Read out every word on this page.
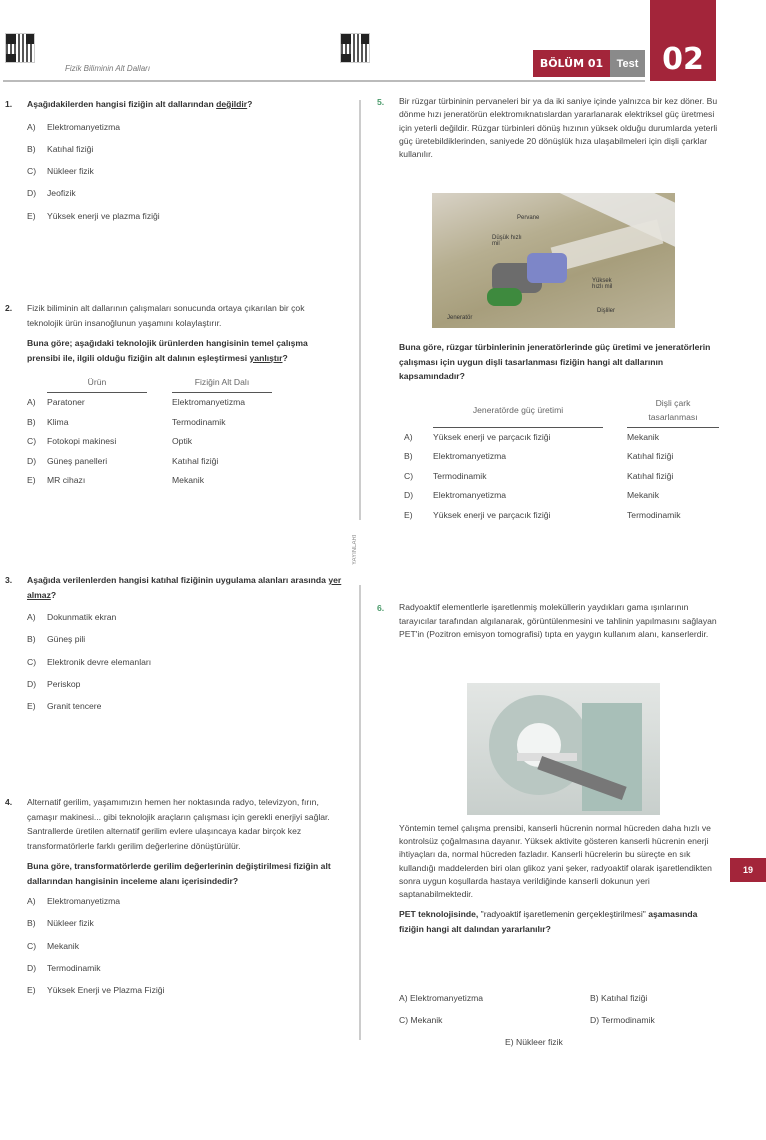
Fizik Biliminin Alt Dalları	BÖLÜM 01	Test 02
YAYINLARI
1. Aşağıdakilerden hangisi fiziğin alt dallarından değildir?
A) Elektromanyetizma
B) Katıhal fiziği
C) Nükleer fizik
D) Jeofizik
E) Yüksek enerji ve plazma fiziği
2. Fizik biliminin alt dallarının çalışmaları sonucunda ortaya çıkarılan bir çok teknolojik ürün insanoğlunun yaşamını kolaylaştırır.
Buna göre; aşağıdaki teknolojik ürünlerden hangisinin temel çalışma prensibi ile, ilgili olduğu fiziğin alt dalının eşleştirmesi yanlıştır?
	Ürün		Fiziğin Alt Dalı
A)	Paratoner		Elektromanyetizma
B)	Klima		Termodinamik
C)	Fotokopi makinesi		Optik
D)	Güneş panelleri		Katıhal fiziği
E)	MR cihazı		Mekanik
3. Aşağıda verilenlerden hangisi katıhal fiziğinin uygulama alanları arasında yer almaz?
A) Dokunmatik ekran
B) Güneş pili
C) Elektronik devre elemanları
D) Periskop
E) Granit tencere
4. Alternatif gerilim, yaşamımızın hemen her noktasında radyo, televizyon, fırın, çamaşır makinesi... gibi teknolojik araçların çalışması için gerekli enerjiyi sağlar. Santrallerde üretilen alternatif gerilim evlere ulaşıncaya kadar birçok kez transformatörlerle farklı gerilim değerlerine dönüştürülür.
Buna göre, transformatörlerde gerilim değerlerinin değiştirilmesi fiziğin alt dallarından hangisinin inceleme alanı içerisindedir?
A) Elektromanyetizma
B) Nükleer fizik
C) Mekanik
D) Termodinamik
E) Yüksek Enerji ve Plazma Fiziği
5. Bir rüzgar türbininin pervaneleri bir ya da iki saniye içinde yalnızca bir kez döner. Bu dönme hızı jeneratörün elektromıknatıslardan yararlanarak elektriksel güç üretmesi için yeterli değildir. Rüzgar türbinleri dönüş hızının yüksek olduğu durumlarda yeterli güç üretebildiklerinden, saniyede 20 dönüşlük hıza ulaşabilmeleri için dişli çarklar kullanılır.
Pervane
Düşük hızlı mil
Yüksek hızlı mil
Dişliler
Jeneratör
Buna göre, rüzgar türbinlerinin jeneratörlerinde güç üretimi ve jeneratörlerin çalışması için uygun dişli tasarlanması fiziğin hangi alt dallarının kapsamındadır?
	Jeneratörde güç üretimi		Dişli çark tasarlanması
A)	Yüksek enerji ve parçacık fiziği		Mekanik
B)	Elektromanyetizma		Katıhal fiziği
C)	Termodinamik		Katıhal fiziği
D)	Elektromanyetizma		Mekanik
E)	Yüksek enerji ve parçacık fiziği		Termodinamik
6. Radyoaktif elementlerle işaretlenmiş moleküllerin yaydıkları gama ışınlarının tarayıcılar tarafından algılanarak, görüntülenmesini ve tahlinin yapılmasını sağlayan PET'in (Pozitron emisyon tomografisi) tıpta en yaygın kullanım alanı, kanserlerdir.
Yöntemin temel çalışma prensibi, kanserli hücrenin normal hücreden daha hızlı ve kontrolsüz çoğalmasına dayanır. Yüksek aktivite gösteren kanserli hücrenin enerji ihtiyaçları da, normal hücreden fazladır. Kanserli hücrelerin bu süreçte en sık kullandığı maddelerden biri olan glikoz yani şeker, radyoaktif olarak işaretlendikten sonra uygun koşullarda hastaya verildiğinde kanserli dokunun yeri saptanabilmektedir.
PET teknolojisinde, "radyoaktif işaretlemenin gerçekleştirilmesi" aşamasında fiziğin hangi alt dalından yararlanılır?
A) Elektromanyetizma	B) Katıhal fiziği
C) Mekanik	D) Termodinamik
E) Nükleer fizik
19
